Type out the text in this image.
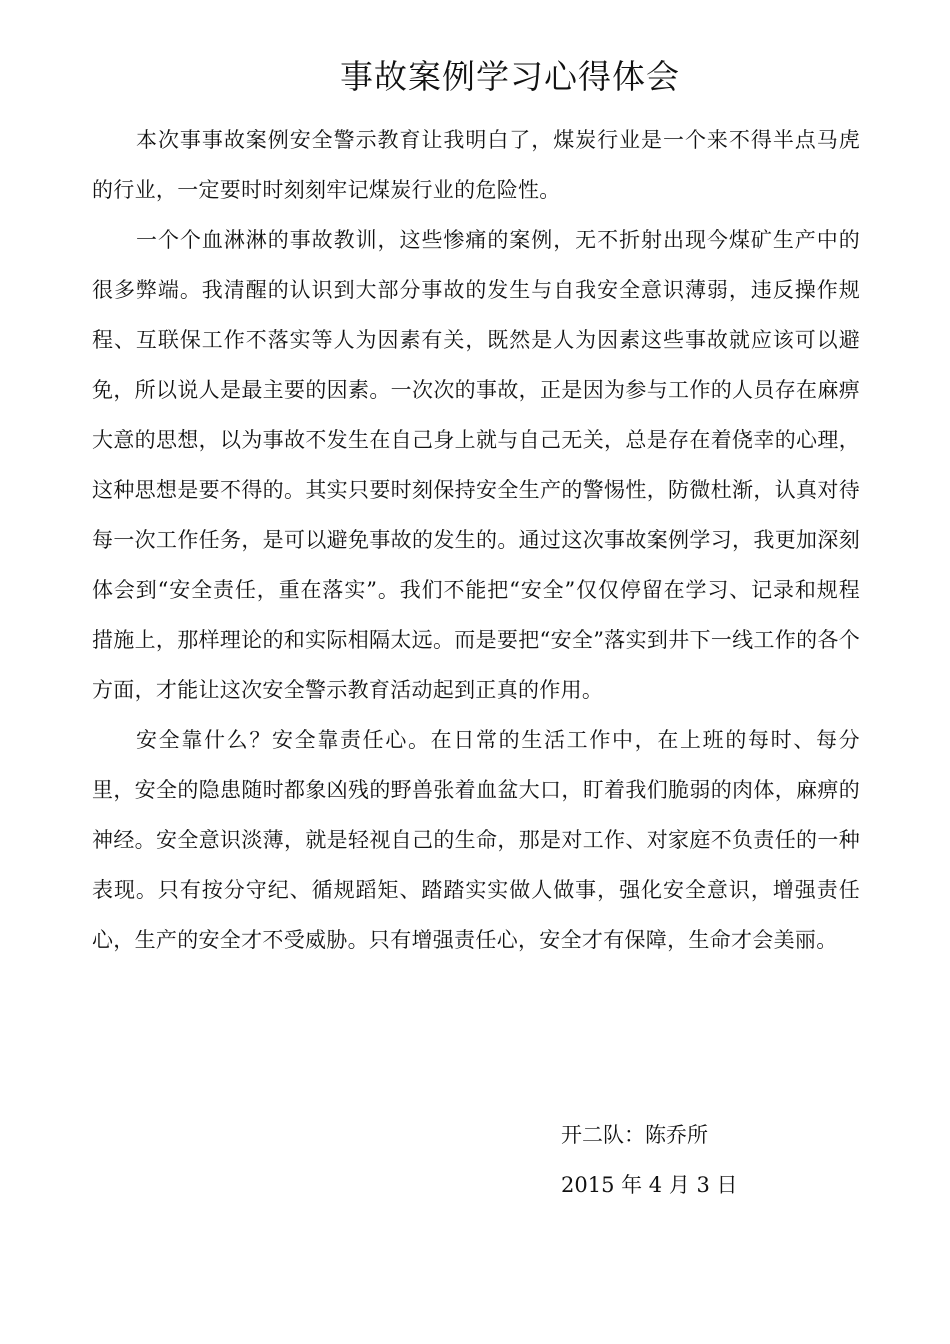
事故案例学习心得体会

本次事事故案例安全警示教育让我明白了，煤炭行业是一个来不得半点马虎的行业，一定要时时刻刻牢记煤炭行业的危险性。

一个个血淋淋的事故教训，这些惨痛的案例，无不折射出现今煤矿生产中的很多弊端。我清醒的认识到大部分事故的发生与自我安全意识薄弱，违反操作规程、互联保工作不落实等人为因素有关，既然是人为因素这些事故就应该可以避免，所以说人是最主要的因素。一次次的事故，正是因为参与工作的人员存在麻痹大意的思想，以为事故不发生在自己身上就与自己无关，总是存在着侥幸的心理，这种思想是要不得的。其实只要时刻保持安全生产的警惕性，防微杜渐，认真对待每一次工作任务，是可以避免事故的发生的。通过这次事故案例学习，我更加深刻体会到“安全责任，重在落实”。我们不能把“安全”仅仅停留在学习、记录和规程措施上，那样理论的和实际相隔太远。而是要把“安全”落实到井下一线工作的各个方面，才能让这次安全警示教育活动起到正真的作用。

安全靠什么？安全靠责任心。在日常的生活工作中，在上班的每时、每分里，安全的隐患随时都象凶残的野兽张着血盆大口，盯着我们脆弱的肉体，麻痹的神经。安全意识淡薄，就是轻视自己的生命，那是对工作、对家庭不负责任的一种表现。只有按分守纪、循规蹈矩、踏踏实实做人做事，强化安全意识，增强责任心，生产的安全才不受威胁。只有增强责任心，安全才有保障，生命才会美丽。

开二队：陈乔所
2015 年 4 月 3 日
